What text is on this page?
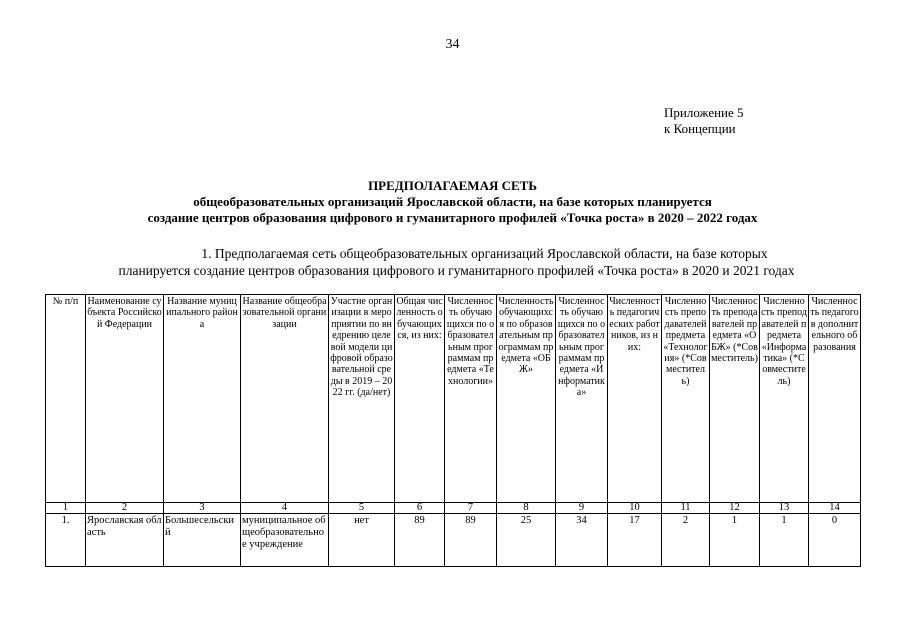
34
Приложение 5
к Концепции
ПРЕДПОЛАГАЕМАЯ СЕТЬ
общеобразовательных организаций Ярославской области, на базе которых планируется
создание центров образования цифрового и гуманитарного профилей «Точка роста» в 2020 – 2022 годах
1. Предполагаемая сеть общеобразовательных организаций Ярославской области, на базе которых
планируется создание центров образования цифрового и гуманитарного профилей «Точка роста» в 2020 и 2021 годах
№ п/п	Наименование субъекта Российской Федерации	Название муниципального района	Название общеобразовательной организации	Участие организации в мероприятии по внедрению целевой модели цифровой образовательной среды в 2019 – 2022 гг. (да/нет)	Общая численность обучающихся, из них:	Численность обучающихся по образовательным программам предмета «Технологии»	Численность обучающихся по образовательным программам предмета «ОБЖ»	Численность обучающихся по образовательным программам предмета «Информатика»	Численность педагогических работников, из них:	Численность преподавателей предмета «Технология» (*Совместитель)	Численность преподавателей предмета «ОБЖ» (*Совместитель)	Численность преподавателей предмета «Информатика» (*Совместитель)	Численность педагогов дополнительного образования
1	2	3	4	5	6	7	8	9	10	11	12	13	14
1.	Ярославская область	Большесельский	муниципальное общеобразовательное учреждение	нет	89	89	25	34	17	2	1	1	0
